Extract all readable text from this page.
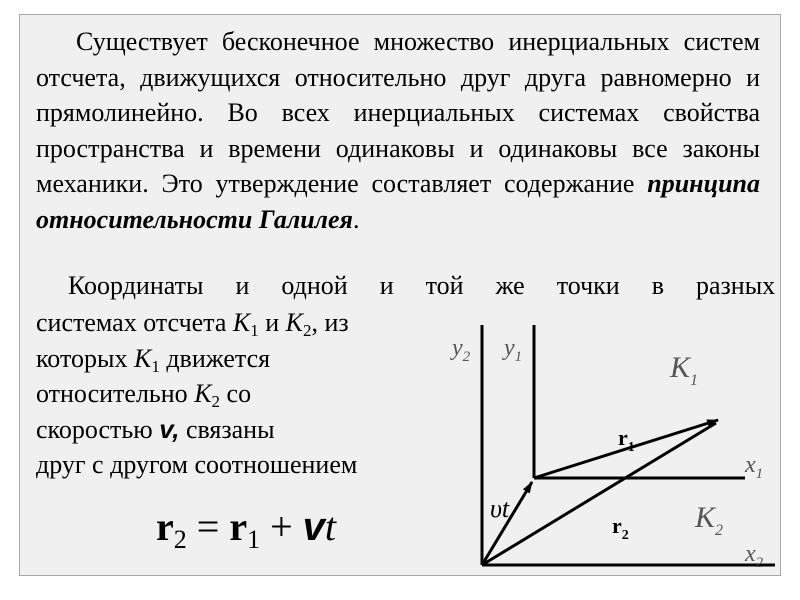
Существует бесконечное множество инерциальных систем отсчета, движущихся относительно друг друга равномерно и прямолинейно. Во всех инерциальных системах свойства пространства и времени одинаковы и одинаковы все законы механики. Это утверждение составляет содержание принципа относительности Галилея.

Координаты	и	одной	и	той	же	точки	в	разных
системах отсчета $K_1$ и $K_2$, из
которых $K_1$ движется
относительно $K_2$ со
скоростью v, связаны
друг с другом соотношением
$r_2 = r_1$ + vt
$y_2$ $y_1$	$K_1$
$r_1$
$x_1$
υt
$r_2$
$K_2$
$x_2$
